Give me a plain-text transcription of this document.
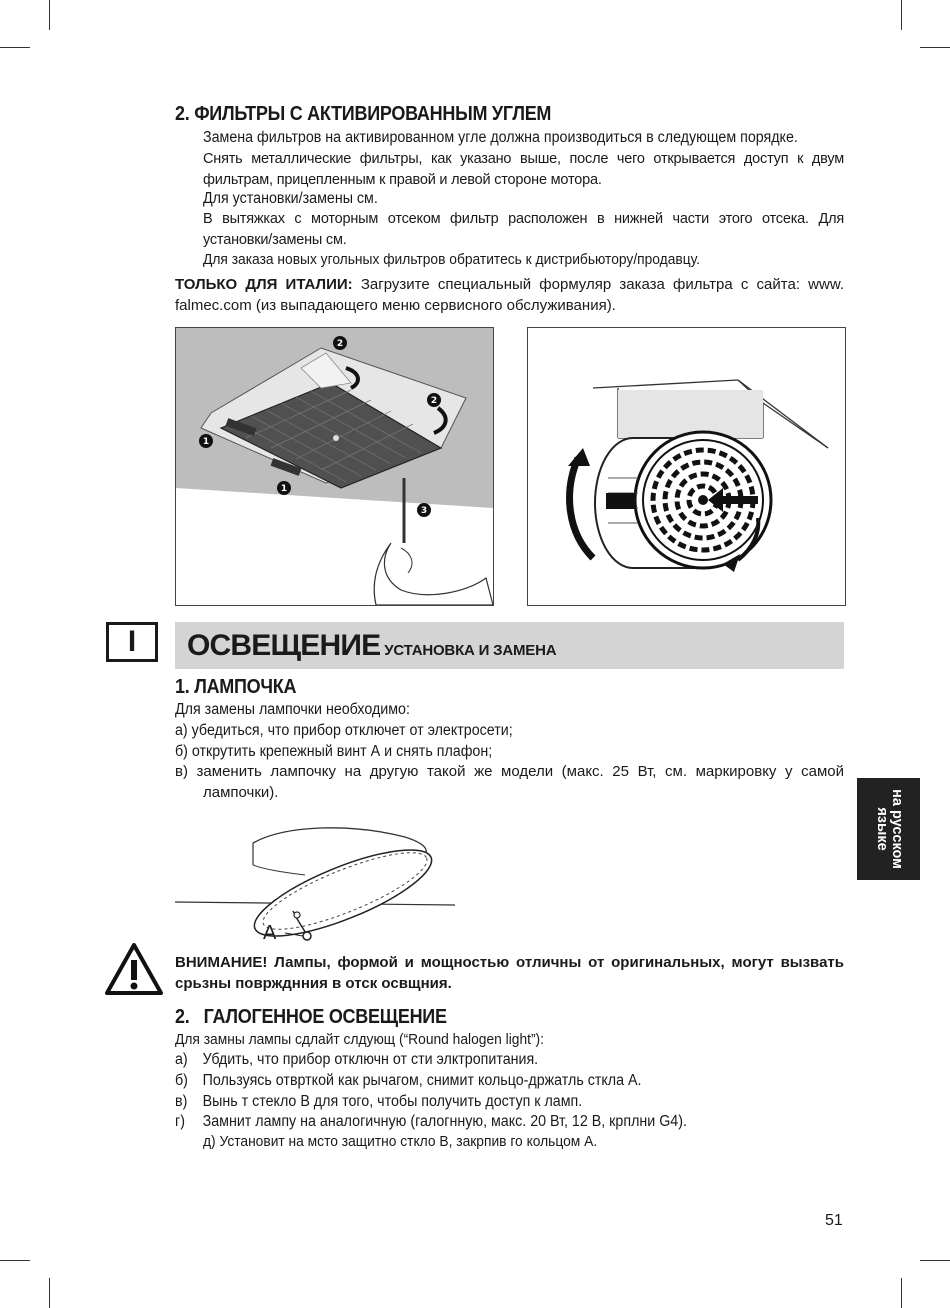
2. ФИЛЬТРЫ С АКТИВИРОВАННЫМ УГЛЕМ
Замена фильтров на активированном угле должна производиться в следующем порядке.
Снять металлические фильтры, как указано выше, после чего открывается доступ к двум фильтрам, прицепленным к правой и левой стороне мотора.
Для установки/замены см.
В вытяжках с моторным отсеком фильтр расположен в нижней части этого отсека. Для установки/замены см.
Для заказа новых угольных фильтров обратитесь к дистрибьютору/продавцу.
ТОЛЬКО ДЛЯ ИТАЛИИ: Загрузите специальный формуляр заказа фильтра с сайта: www. falmec.com (из выпадающего меню сервисного обслуживания).
1
1
2
2
3
I	ОСВЕЩЕНИЕ УСТАНОВКА И ЗАМЕНА
1. ЛАМПОЧКА
Для замены лампочки необходимо:
а) убедиться, что прибор отключет от электросети;
б) открутить крепежный винт А и снять плафон;
в) заменить лампочку на другую такой же модели (макс. 25 Вт, см. маркировку у самой лампочки).
A
на русском
языке
ВНИМАНИЕ! Лампы, формой и мощностью отличны от оригинальных, могут вызвать срьзны повржднния в отск освщния.
2.   ГАЛОГЕННОЕ ОСВЕЩЕНИЕ
Для замны лампы сдлайт слдующ (“Round halogen light”):
а) Убдить, что прибор отключн от сти элктропитания.
б) Пользуясь отврткой как рычагом, снимит кольцо-држатль сткла А.
в) Вынь т стекло В для того, чтобы получить доступ к ламп.
г) Замнит лампу на аналогичную (галогнную, макс. 20 Вт, 12 В, крплни G4).
д) Установит на мсто защитно сткло В, закрпив го кольцом А.
51
